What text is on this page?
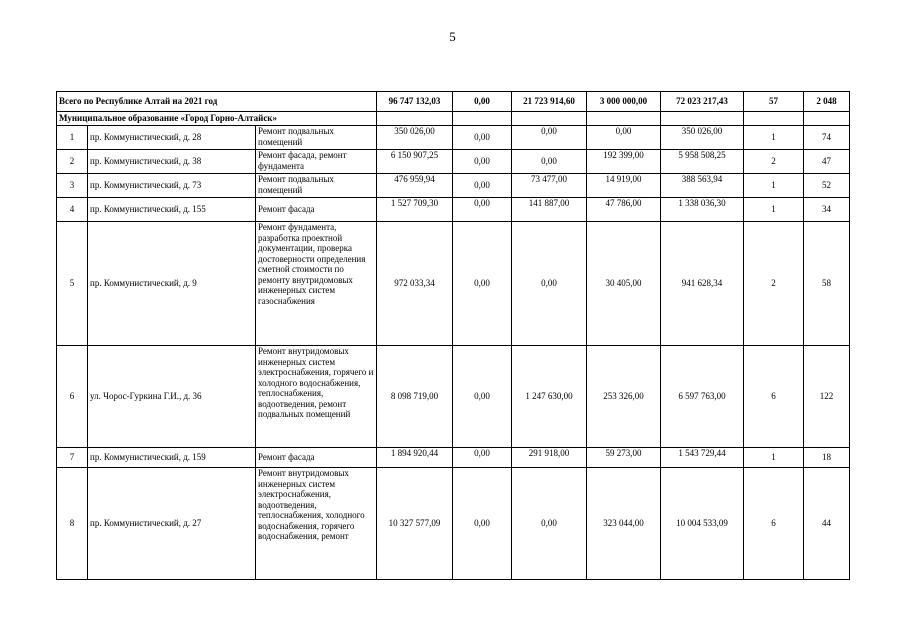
5
Всего по Республике Алтай на 2021 год			96 747 132,03	0,00	21 723 914,60	3 000 000,00	72 023 217,43	57	2 048
Муниципальное образование «Город Горно-Алтайск»									
1	пр. Коммунистический, д. 28	Ремонт подвальных помещений	350 026,00	0,00	0,00	0,00	350 026,00	1	74
2	пр. Коммунистический, д. 38	Ремонт фасада, ремонт фундамента	6 150 907,25	0,00	0,00	192 399,00	5 958 508,25	2	47
3	пр. Коммунистический, д. 73	Ремонт подвальных помещений	476 959,94	0,00	73 477,00	14 919,00	388 563,94	1	52
4	пр. Коммунистический, д. 155	Ремонт фасада	1 527 709,30	0,00	141 887,00	47 786,00	1 338 036,30	1	34
5	пр. Коммунистический, д. 9	Ремонт фундамента, разработка проектной документации, проверка достоверности определения сметной стоимости по ремонту внутридомовых инженерных систем газоснабжения	972 033,34	0,00	0,00	30 405,00	941 628,34	2	58
6	ул. Чорос-Гуркина Г.И., д. 36	Ремонт внутридомовых инженерных систем электроснабжения, горячего и холодного водоснабжения, теплоснабжения, водоотведения, ремонт подвальных помещений	8 098 719,00	0,00	1 247 630,00	253 326,00	6 597 763,00	6	122
7	пр. Коммунистический, д. 159	Ремонт фасада	1 894 920,44	0,00	291 918,00	59 273,00	1 543 729,44	1	18
8	пр. Коммунистический, д. 27	Ремонт внутридомовых инженерных систем электроснабжения, водоотведения, теплоснабжения, холодного водоснабжения, горячего водоснабжения, ремонт	10 327 577,09	0,00	0,00	323 044,00	10 004 533,09	6	44
